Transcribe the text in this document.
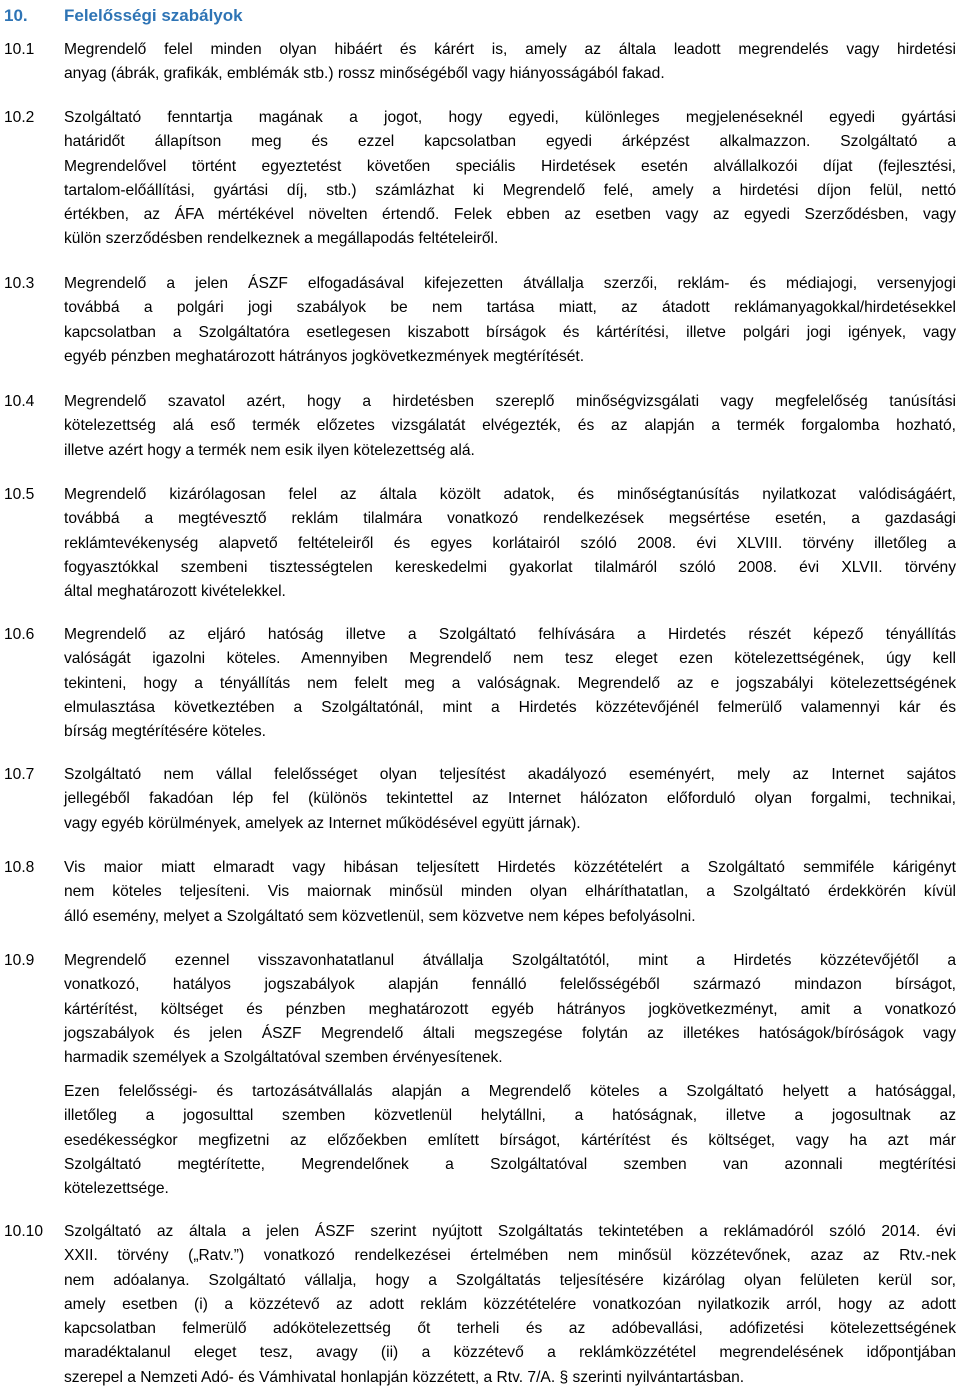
10. Felelősségi szabályok
10.1 Megrendelő felel minden olyan hibáért és kárért is, amely az általa leadott megrendelés vagy hirdetési
anyag (ábrák, grafikák, emblémák stb.) rossz minőségéből vagy hiányosságából fakad.
10.2 Szolgáltató fenntartja magának a jogot, hogy egyedi, különleges megjelenéseknél egyedi gyártási
határidőt állapítson meg és ezzel kapcsolatban egyedi árképzést alkalmazzon. Szolgáltató a
Megrendelővel történt egyeztetést követően speciális Hirdetések esetén alvállalkozói díjat (fejlesztési,
tartalom-előállítási, gyártási díj, stb.) számlázhat ki Megrendelő felé, amely a hirdetési díjon felül, nettó
értékben, az ÁFA mértékével növelten értendő. Felek ebben az esetben vagy az egyedi Szerződésben, vagy
külön szerződésben rendelkeznek a megállapodás feltételeiről.
10.3 Megrendelő a jelen ÁSZF elfogadásával kifejezetten átvállalja szerzői, reklám- és médiajogi, versenyjogi
továbbá a polgári jogi szabályok be nem tartása miatt, az átadott reklámanyagokkal/hirdetésekkel
kapcsolatban a Szolgáltatóra esetlegesen kiszabott bírságok és kártérítési, illetve polgári jogi igények, vagy
egyéb pénzben meghatározott hátrányos jogkövetkezmények megtérítését.
10.4 Megrendelő szavatol azért, hogy a hirdetésben szereplő minőségvizsgálati vagy megfelelőség tanúsítási
kötelezettség alá eső termék előzetes vizsgálatát elvégezték, és az alapján a termék forgalomba hozható,
illetve azért hogy a termék nem esik ilyen kötelezettség alá.
10.5 Megrendelő kizárólagosan felel az általa közölt adatok, és minőségtanúsítás nyilatkozat valódiságáért,
továbbá a megtévesztő reklám tilalmára vonatkozó rendelkezések megsértése esetén, a gazdasági
reklámtevékenység alapvető feltételeiről és egyes korlátairól szóló 2008. évi XLVIII. törvény illetőleg a
fogyasztókkal szembeni tisztességtelen kereskedelmi gyakorlat tilalmáról szóló 2008. évi XLVII. törvény
által meghatározott kivételekkel.
10.6 Megrendelő az eljáró hatóság illetve a Szolgáltató felhívására a Hirdetés részét képező tényállítás
valóságát igazolni köteles. Amennyiben Megrendelő nem tesz eleget ezen kötelezettségének, úgy kell
tekinteni, hogy a tényállítás nem felelt meg a valóságnak. Megrendelő az e jogszabályi kötelezettségének
elmulasztása következtében a Szolgáltatónál, mint a Hirdetés közzétevőjénél felmerülő valamennyi kár és
bírság megtérítésére köteles.
10.7 Szolgáltató nem vállal felelősséget olyan teljesítést akadályozó eseményért, mely az Internet sajátos
jellegéből fakadóan lép fel (különös tekintettel az Internet hálózaton előforduló olyan forgalmi, technikai,
vagy egyéb körülmények, amelyek az Internet működésével együtt járnak).
10.8 Vis maior miatt elmaradt vagy hibásan teljesített Hirdetés közzétételért a Szolgáltató semmiféle kárigényt
nem köteles teljesíteni. Vis maiornak minősül minden olyan elháríthatatlan, a Szolgáltató érdekkörén kívül
álló esemény, melyet a Szolgáltató sem közvetlenül, sem közvetve nem képes befolyásolni.
10.9 Megrendelő ezennel visszavonhatatlanul átvállalja Szolgáltatótól, mint a Hirdetés közzétevőjétől a
vonatkozó, hatályos jogszabályok alapján fennálló felelősségéből származó mindazon bírságot,
kártérítést, költséget és pénzben meghatározott egyéb hátrányos jogkövetkezményt, amit a vonatkozó
jogszabályok és jelen ÁSZF Megrendelő általi megszegése folytán az illetékes hatóságok/bíróságok vagy
harmadik személyek a Szolgáltatóval szemben érvényesítenek.
Ezen felelősségi- és tartozásátvállalás alapján a Megrendelő köteles a Szolgáltató helyett a hatósággal,
illetőleg a jogosulttal szemben közvetlenül helytállni, a hatóságnak, illetve a jogosultnak az
esedékességkor megfizetni az előzőekben említett bírságot, kártérítést és költséget, vagy ha azt már
Szolgáltató megtérítette, Megrendelőnek a Szolgáltatóval szemben van azonnali megtérítési
kötelezettsége.
10.10 Szolgáltató az általa a jelen ÁSZF szerint nyújtott Szolgáltatás tekintetében a reklámadóról szóló 2014. évi
XXII. törvény („Ratv.”) vonatkozó rendelkezései értelmében nem minősül közzétevőnek, azaz az Rtv.-nek
nem adóalanya. Szolgáltató vállalja, hogy a Szolgáltatás teljesítésére kizárólag olyan felületen kerül sor,
amely esetben (i) a közzétevő az adott reklám közzétételére vonatkozóan nyilatkozik arról, hogy az adott
kapcsolatban felmerülő adókötelezettség őt terheli és az adóbevallási, adófizetési kötelezettségének
maradéktalanul eleget tesz, avagy (ii) a közzétevő a reklámközzététel megrendelésének időpontjában
szerepel a Nemzeti Adó- és Vámhivatal honlapján közzétett, a Rtv. 7/A. § szerinti nyilvántartásban.
